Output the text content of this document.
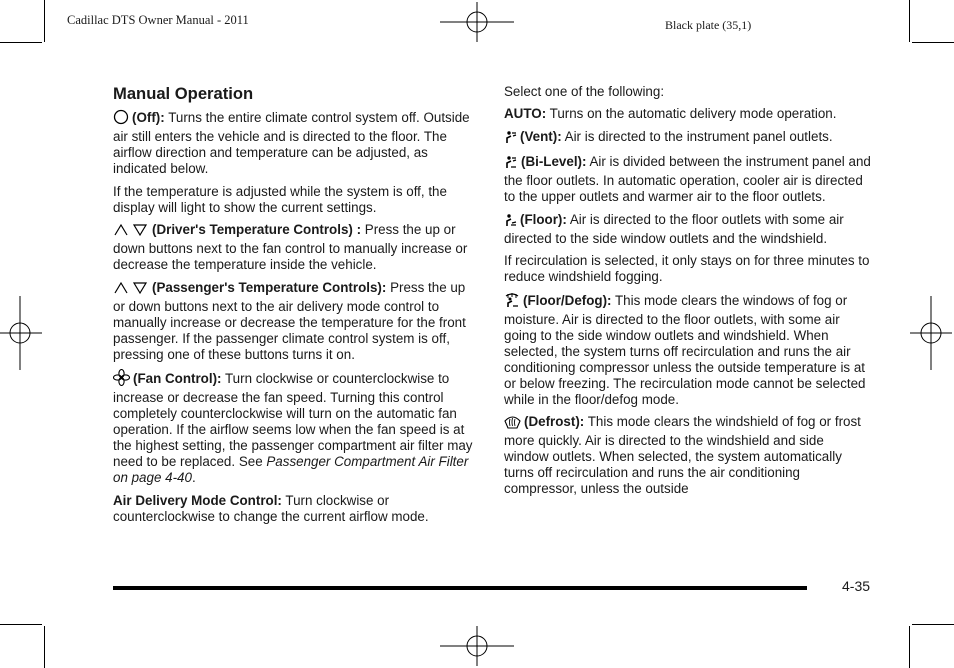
Cadillac DTS Owner Manual - 2011	Black plate (35,1)
Manual Operation

(Off): Turns the entire climate control system off. Outside air still enters the vehicle and is directed to the floor. The airflow direction and temperature can be adjusted, as indicated below.

If the temperature is adjusted while the system is off, the display will light to show the current settings.

(Driver's Temperature Controls) : Press the up or down buttons next to the fan control to manually increase or decrease the temperature inside the vehicle.

(Passenger's Temperature Controls): Press the up or down buttons next to the air delivery mode control to manually increase or decrease the temperature for the front passenger. If the passenger climate control system is off, pressing one of these buttons turns it on.

(Fan Control): Turn clockwise or counterclockwise to increase or decrease the fan speed. Turning this control completely counterclockwise will turn on the automatic fan operation. If the airflow seems low when the fan speed is at the highest setting, the passenger compartment air filter may need to be replaced. See Passenger Compartment Air Filter on page 4-40.

Air Delivery Mode Control: Turn clockwise or counterclockwise to change the current airflow mode.

Select one of the following:

AUTO: Turns on the automatic delivery mode operation.

(Vent): Air is directed to the instrument panel outlets.

(Bi-Level): Air is divided between the instrument panel and the floor outlets. In automatic operation, cooler air is directed to the upper outlets and warmer air to the floor outlets.

(Floor): Air is directed to the floor outlets with some air directed to the side window outlets and the windshield.

If recirculation is selected, it only stays on for three minutes to reduce windshield fogging.

(Floor/Defog): This mode clears the windows of fog or moisture. Air is directed to the floor outlets, with some air going to the side window outlets and windshield. When selected, the system turns off recirculation and runs the air conditioning compressor unless the outside temperature is at or below freezing. The recirculation mode cannot be selected while in the floor/defog mode.

(Defrost): This mode clears the windshield of fog or frost more quickly. Air is directed to the windshield and side window outlets. When selected, the system automatically turns off recirculation and runs the air conditioning compressor, unless the outside

4-35
